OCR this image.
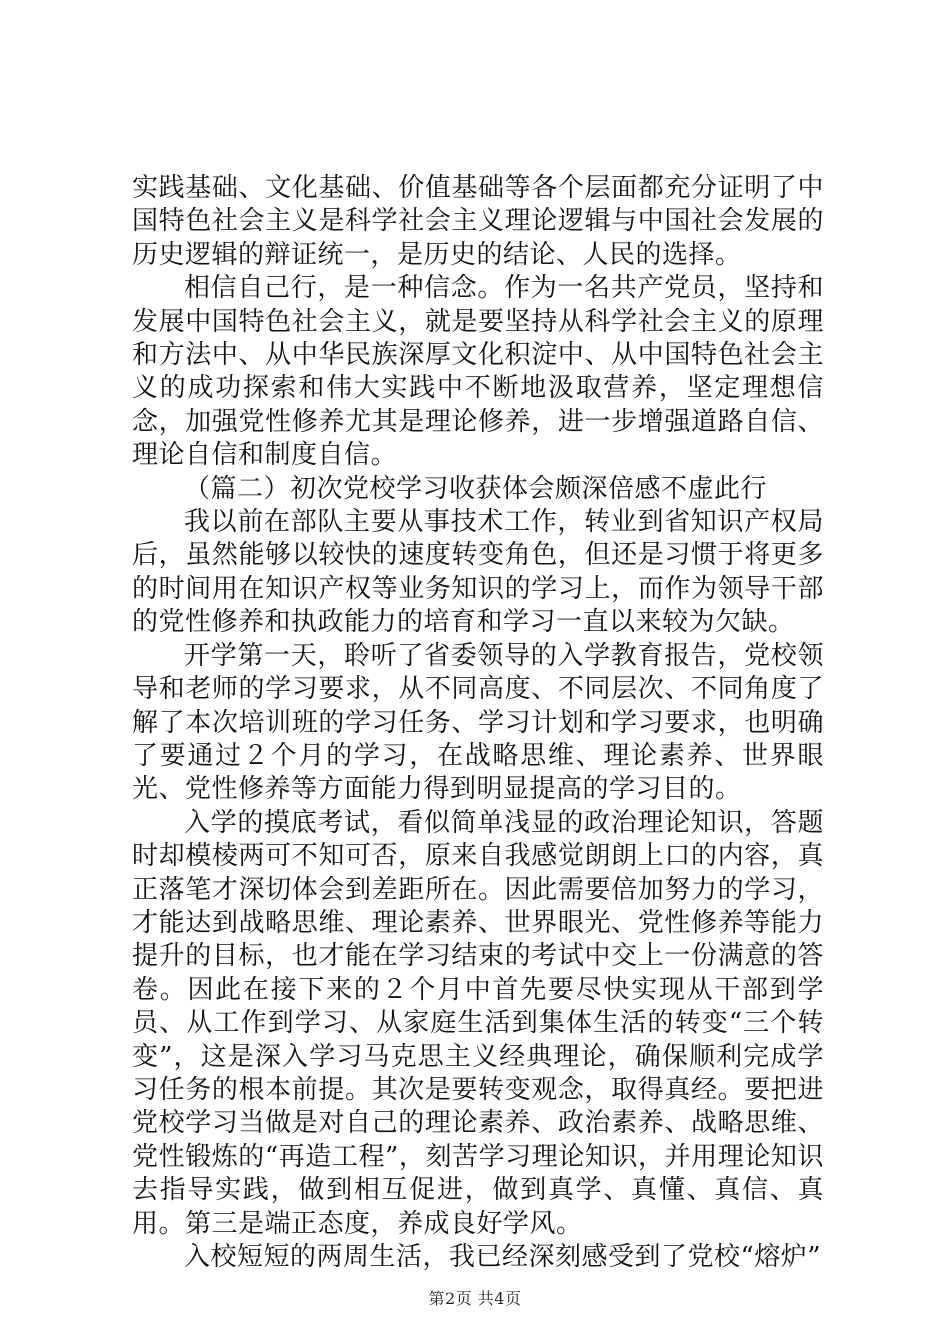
实践基础、文化基础、价值基础等各个层面都充分证明了中国特色社会主义是科学社会主义理论逻辑与中国社会发展的历史逻辑的辩证统一，是历史的结论、人民的选择。

相信自己行，是一种信念。作为一名共产党员，坚持和发展中国特色社会主义，就是要坚持从科学社会主义的原理和方法中、从中华民族深厚文化积淀中、从中国特色社会主义的成功探索和伟大实践中不断地汲取营养，坚定理想信念，加强党性修养尤其是理论修养，进一步增强道路自信、理论自信和制度自信。

（篇二）初次党校学习收获体会颇深倍感不虚此行

我以前在部队主要从事技术工作，转业到省知识产权局后，虽然能够以较快的速度转变角色，但还是习惯于将更多的时间用在知识产权等业务知识的学习上，而作为领导干部的党性修养和执政能力的培育和学习一直以来较为欠缺。

开学第一天，聆听了省委领导的入学教育报告，党校领导和老师的学习要求，从不同高度、不同层次、不同角度了解了本次培训班的学习任务、学习计划和学习要求，也明确了要通过２个月的学习，在战略思维、理论素养、世界眼光、党性修养等方面能力得到明显提高的学习目的。

入学的摸底考试，看似简单浅显的政治理论知识，答题时却模棱两可不知可否，原来自我感觉朗朗上口的内容，真正落笔才深切体会到差距所在。因此需要倍加努力的学习，才能达到战略思维、理论素养、世界眼光、党性修养等能力提升的目标，也才能在学习结束的考试中交上一份满意的答卷。因此在接下来的２个月中首先要尽快实现从干部到学员、从工作到学习、从家庭生活到集体生活的转变“三个转变”，这是深入学习马克思主义经典理论，确保顺利完成学习任务的根本前提。其次是要转变观念，取得真经。要把进党校学习当做是对自己的理论素养、政治素养、战略思维、党性锻炼的“再造工程”，刻苦学习理论知识，并用理论知识去指导实践，做到相互促进，做到真学、真懂、真信、真用。第三是端正态度，养成良好学风。

入校短短的两周生活，我已经深刻感受到了党校“熔炉”

第2页 共4页
